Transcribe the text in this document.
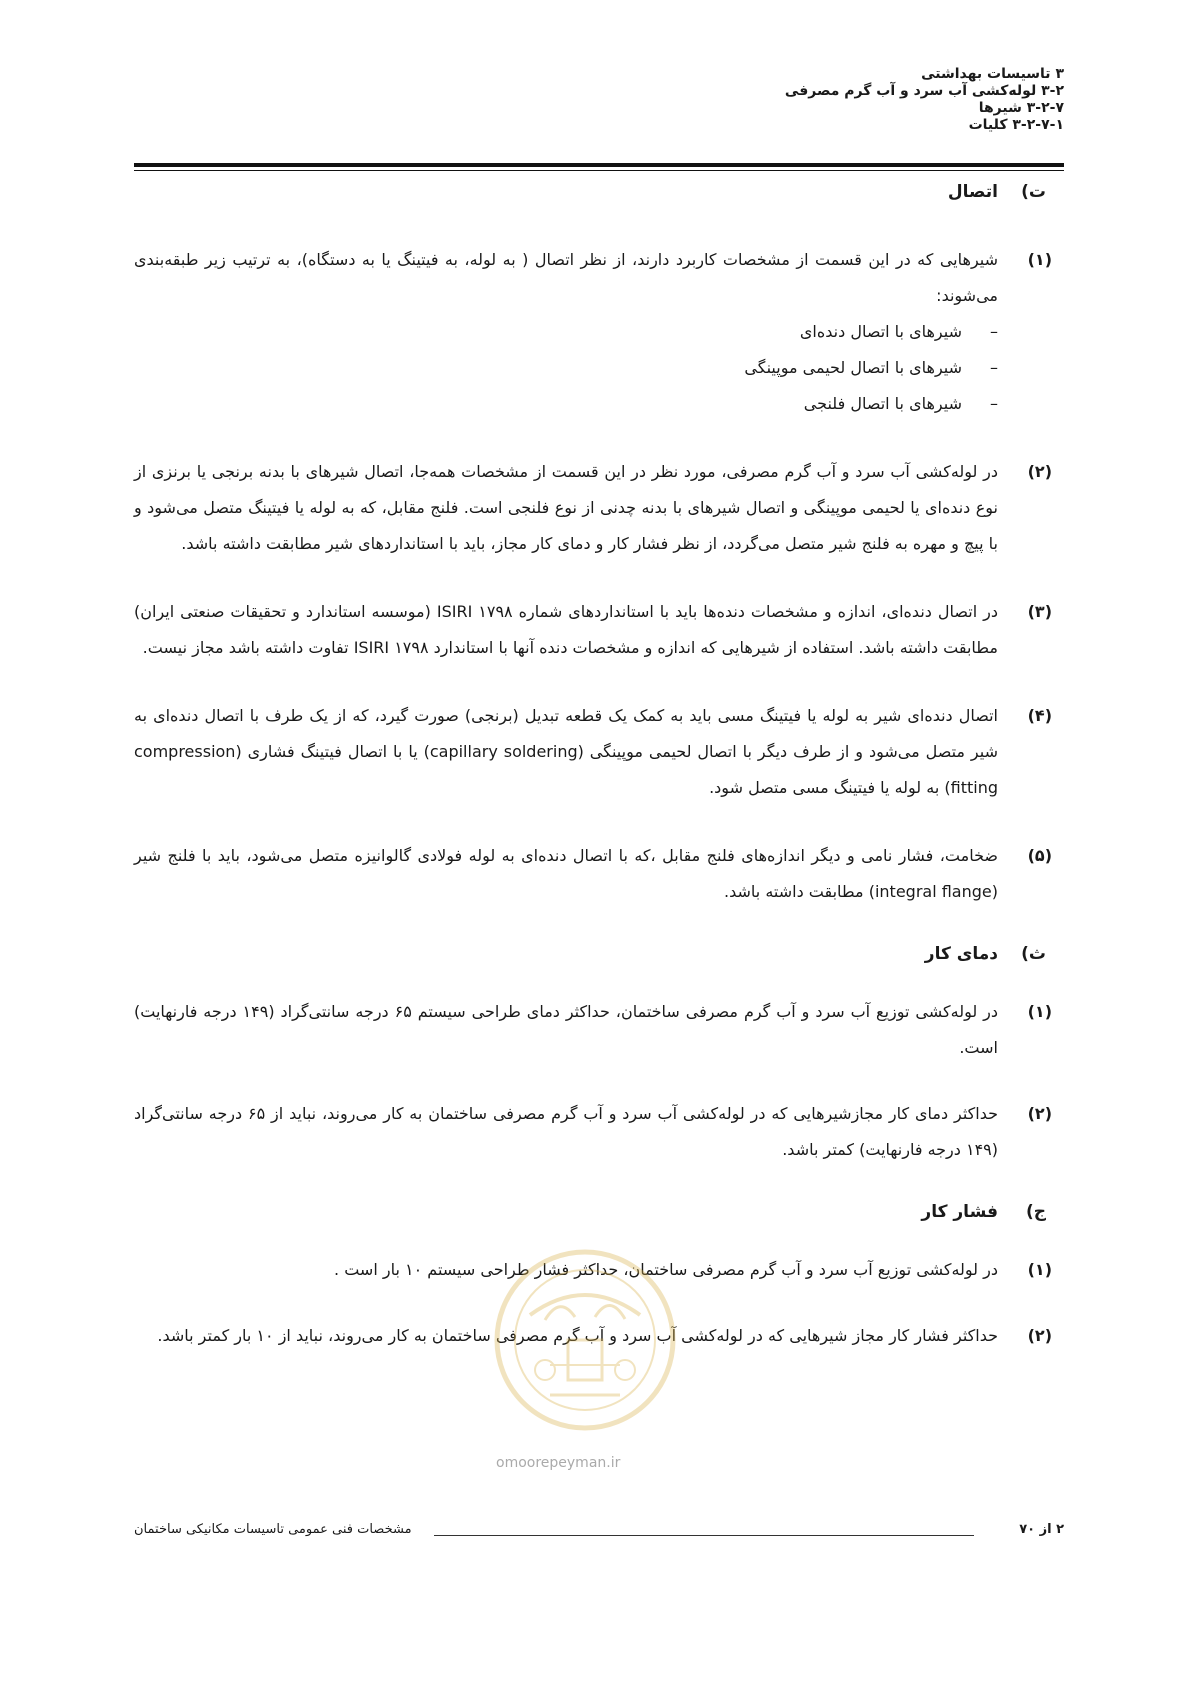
۳ تاسیسات بهداشتی
۳-۲ لوله‌کشی آب سرد و آب گرم مصرفی
۳-۲-۷ شیرها
۳-۲-۷-۱ کلیات
ت)
اتصال
(۱)
شیرهایی که در این قسمت از مشخصات کاربرد دارند، از نظر اتصال ( به لوله، به فیتینگ یا به دستگاه)، به ترتیب زیر طبقه‌بندی می‌شوند:
–
شیرهای با اتصال دنده‌ای
–
شیرهای با اتصال لحیمی موپینگی
–
شیرهای با اتصال فلنجی
(۲)
در لوله‌کشی آب سرد و آب گرم مصرفی، مورد نظر در این قسمت از مشخصات همه‌جا، اتصال شیرهای با بدنه برنجی یا برنزی از نوع دنده‌ای یا لحیمی موپینگی و اتصال شیرهای با بدنه چدنی از نوع فلنجی است. فلنج مقابل، که به لوله یا فیتینگ متصل می‌شود و با پیچ و مهره به فلنج شیر متصل می‌گردد، از نظر فشار کار و دمای کار مجاز، باید با استانداردهای شیر مطابقت داشته باشد.
(۳)
در اتصال دنده‌ای، اندازه و مشخصات دنده‌ها باید با استانداردهای شماره ISIRI ۱۷۹۸ (موسسه استاندارد و تحقیقات صنعتی ایران) مطابقت داشته باشد. استفاده از شیرهایی که اندازه و مشخصات دنده آنها با استاندارد ISIRI ۱۷۹۸ تفاوت داشته باشد مجاز نیست.
(۴)
اتصال دنده‌ای شیر به لوله یا فیتینگ مسی باید به کمک یک قطعه تبدیل (برنجی) صورت گیرد، که از یک طرف با اتصال دنده‌ای به شیر متصل می‌شود و از طرف دیگر با اتصال لحیمی موپینگی (capillary soldering) یا با اتصال فیتینگ فشاری (compression fitting) به لوله یا فیتینگ مسی متصل شود.
(۵)
ضخامت، فشار نامی و دیگر اندازه‌های فلنج مقابل ،که با اتصال دنده‌ای به لوله فولادی گالوانیزه متصل می‌شود، باید با فلنج شیر (integral flange) مطابقت داشته باشد.
ث)
دمای کار
(۱)
در لوله‌کشی توزیع آب سرد و آب گرم مصرفی ساختمان، حداکثر دمای طراحی سیستم ۶۵ درجه سانتی‌گراد (۱۴۹ درجه فارنهایت) است.
(۲)
حداکثر دمای کار مجازشیرهایی که در لوله‌کشی آب سرد و آب گرم مصرفی ساختمان به کار می‌روند، نباید از ۶۵ درجه سانتی‌گراد (۱۴۹ درجه فارنهایت) کمتر باشد.
ج)
فشار کار
(۱)
در لوله‌کشی توزیع آب سرد و آب گرم مصرفی ساختمان، حداکثر فشار طراحی سیستم ۱۰ بار است .
(۲)
حداکثر فشار کار مجاز شیرهایی که در لوله‌کشی آب سرد و آب گرم مصرفی ساختمان به کار می‌روند، نباید از ۱۰ بار کمتر باشد.
omoorepeyman.ir
۲ از ۷۰
مشخصات فنی عمومی تاسیسات مکانیکی ساختمان
